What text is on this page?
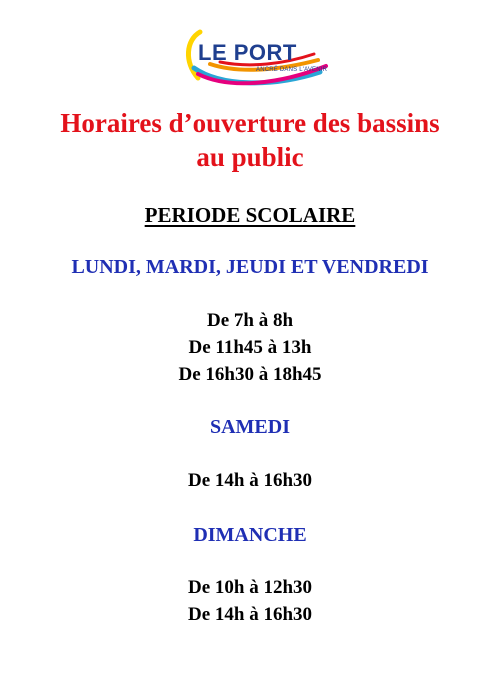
LE PORT
ANCRÉ DANS L'AVENIR
Horaires d’ouverture des bassins
au public
PERIODE SCOLAIRE
LUNDI, MARDI, JEUDI ET VENDREDI
De 7h à 8h
De 11h45 à 13h
De 16h30 à 18h45
SAMEDI
De 14h à 16h30
DIMANCHE
De 10h à 12h30
De 14h à 16h30
